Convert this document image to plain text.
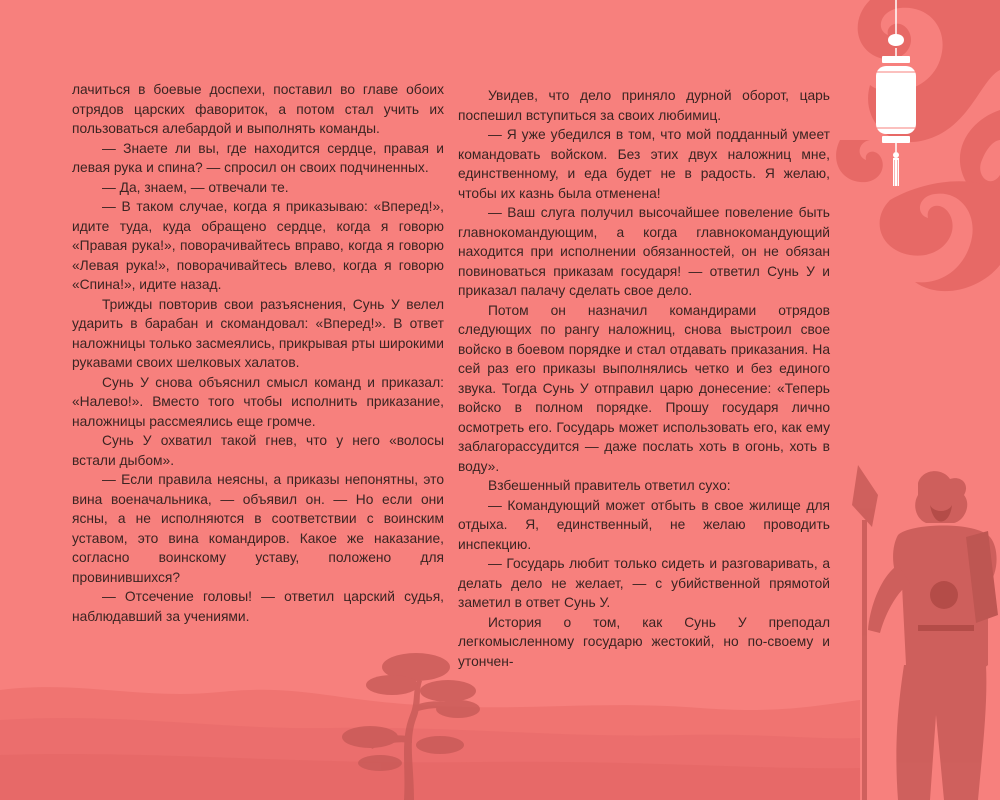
лачиться в боевые доспехи, поставил во главе обоих отрядов царских фавориток, а потом стал учить их пользоваться алебардой и выполнять команды.

— Знаете ли вы, где находится сердце, правая и левая рука и спина? — спросил он своих подчиненных.

— Да, знаем, — отвечали те.

— В таком случае, когда я приказываю: «Вперед!», идите туда, куда обращено сердце, когда я говорю «Правая рука!», поворачивайтесь вправо, когда я говорю «Левая рука!», поворачивайтесь влево, когда я говорю «Спина!», идите назад.

Трижды повторив свои разъяснения, Сунь У велел ударить в барабан и скомандовал: «Вперед!». В ответ наложницы только засмеялись, прикрывая рты широкими рукавами своих шелковых халатов.

Сунь У снова объяснил смысл команд и приказал: «Налево!». Вместо того чтобы исполнить приказание, наложницы рассмеялись еще громче.

Сунь У охватил такой гнев, что у него «волосы встали дыбом».

— Если правила неясны, а приказы непонятны, это вина военачальника, — объявил он. — Но если они ясны, а не исполняются в соответствии с воинским уставом, это вина командиров. Какое же наказание, согласно воинскому уставу, положено для провинившихся?

— Отсечение головы! — ответил царский судья, наблюдавший за учениями.

Увидев, что дело приняло дурной оборот, царь поспешил вступиться за своих любимиц.

— Я уже убедился в том, что мой подданный умеет командовать войском. Без этих двух наложниц мне, единственному, и еда будет не в радость. Я желаю, чтобы их казнь была отменена!

— Ваш слуга получил высочайшее повеление быть главнокомандующим, а когда главнокомандующий находится при исполнении обязанностей, он не обязан повиноваться приказам государя! — ответил Сунь У и приказал палачу сделать свое дело.

Потом он назначил командирами отрядов следующих по рангу наложниц, снова выстроил свое войско в боевом порядке и стал отдавать приказания. На сей раз его приказы выполнялись четко и без единого звука. Тогда Сунь У отправил царю донесение: «Теперь войско в полном порядке. Прошу государя лично осмотреть его. Государь может использовать его, как ему заблагорассудится — даже послать хоть в огонь, хоть в воду».

Взбешенный правитель ответил сухо:

— Командующий может отбыть в свое жилище для отдыха. Я, единственный, не желаю проводить инспекцию.

— Государь любит только сидеть и разговаривать, а делать дело не желает, — с убийственной прямотой заметил в ответ Сунь У.

История о том, как Сунь У преподал легкомысленному государю жестокий, но по-своему и утончен-
